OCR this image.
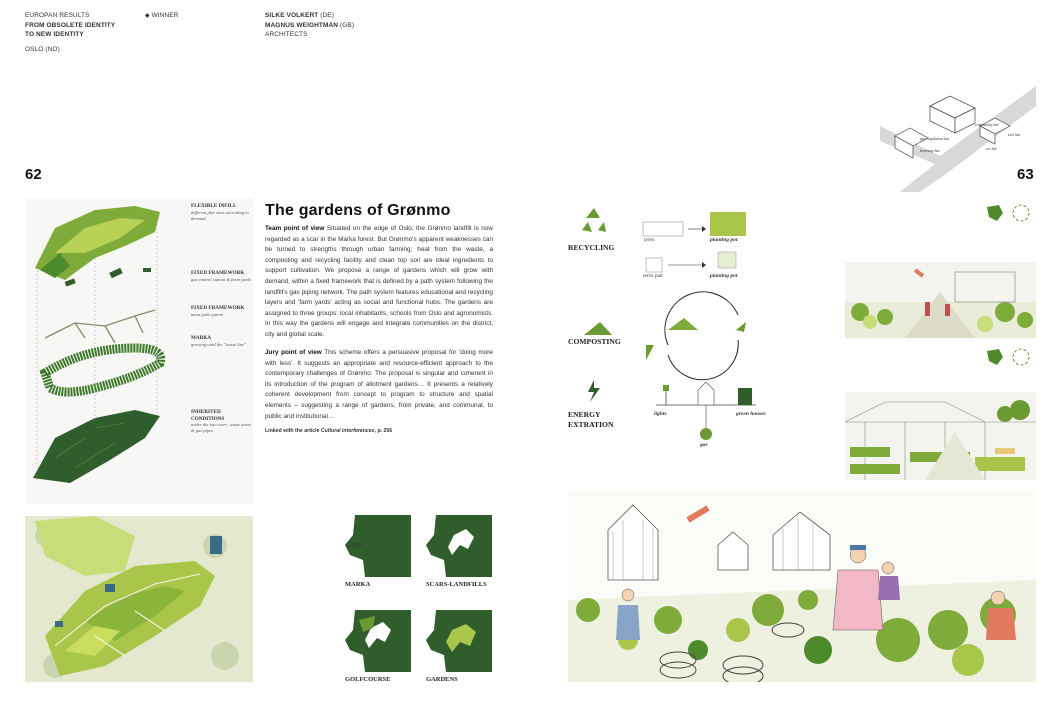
EUROPAN RESULTS
FROM OBSOLETE IDENTITY
TO NEW IDENTITY
OSLO (NO)
◆ WINNER	SILKE VOLKERT (DE)
MAGNUS WEIGHTMAN (GB)
ARCHITECTS
62	63
FLEXIBLE INFILL
different plot sizes according to demand
FIXED FRAMEWORK
gas control station & farm yards
FIXED FRAMEWORK
main path system
MARKA
growing until the "waste line"
INHERITED CONDITIONS
under the top cover: waste areas & gas pipes
The gardens of Grønmo
Team point of view Situated on the edge of Oslo, the Grønmo landfill is now regarded as a scar in the Marka forest. But Grønmo's apparent weaknesses can be turned to strengths through urban farming; heat from the waste, a composting and recycling facility and clean top soil are ideal ingredients to support cultivation. We propose a range of gardens which will grow with demand, within a fixed framework that is defined by a path system following the landfill's gas piping network. The path system features educational and recycling layers and 'farm yards' acting as social and functional hubs. The gardens are assigned to three groups: local inhabitants, schools from Oslo and agronomists. In this way the gardens will engage and integrate communities on the district, city and global scale.
Jury point of view This scheme offers a persuasive proposal for 'doing more with less'. It suggests an appropriate and resource-efficient approach to the contemporary challenges of Grønmo. The proposal is singular and coherent in its introduction of the program of allotment gardens… It presents a relatively coherent development from concept to program to structure and spatial elements – suggesting a range of gardens, from private, and communal, to public and institutional…
Linked with the article Cultural interferences, p. 256
OSLO
MARKA	SCARS-LANDFILLS
GOLFCOURSE	GARDENS
community hut
tool hut
gas regulation hut
learning hut	wc hut
RECYCLING
tyres
tetra pak
planting pot
planting pot
COMPOSTING
ENERGY
EXTRATION
lights	green houses
gas
